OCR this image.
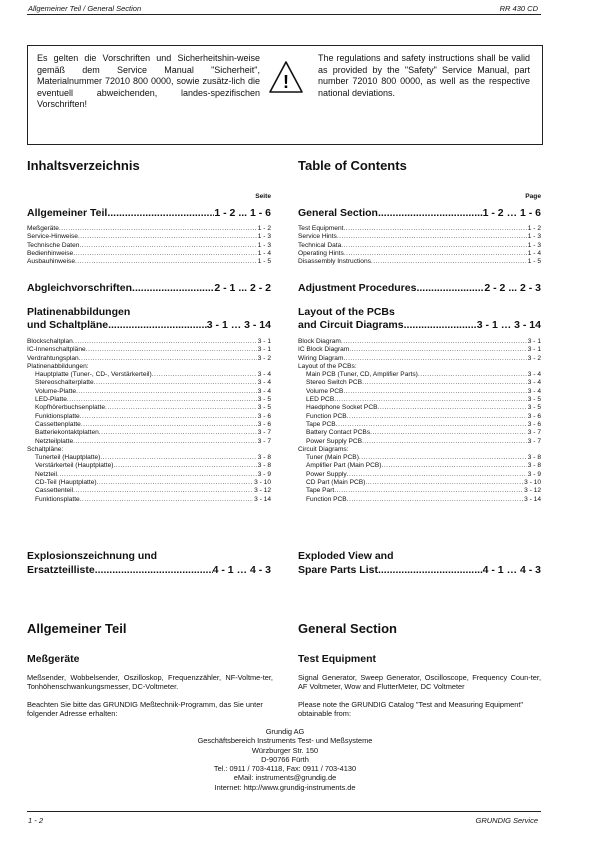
Allgemeiner Teil / General Section	RR 430 CD
Es gelten die Vorschriften und Sicherheitshin-weise gemäß dem Service Manual "Sicherheit", Materialnummer 72010 800 0000, sowie zusätz-lich die eventuell abweichenden, landes-spezifischen Vorschriften!
The regulations and safety instructions shall be valid as provided by the "Safety" Service Manual, part number 72010 800 0000, as well as the respective national deviations.
!
Inhaltsverzeichnis
Seite
Allgemeiner Teil .....	1 - 2 ... 1 - 6
Meßgeräte .....	1 - 2
Service-Hinweise .....	1 - 3
Technische Daten .....	1 - 3
Bedienhinweise .....	1 - 4
Ausbauhinweise .....	1 - 5
Abgleichvorschriften .....	2 - 1 ... 2 - 2
Platinenabbildungen
und Schaltpläne .....	3 - 1 … 3 - 14
Blockschaltplan .....	3 - 1
IC-Innenschaltpläne .....	3 - 1
Verdrahtungsplan .....	3 - 2
Platinenabbildungen:
Hauptplatte (Tuner-, CD-, Verstärkerteil) .....	3 - 4
Stereoschalterplatte .....	3 - 4
Volume-Platte .....	3 - 4
LED-Platte .....	3 - 5
Kopfhörerbuchsenplatte .....	3 - 5
Funktionsplatte .....	3 - 6
Cassettenplatte .....	3 - 6
Batteriekontaktplatten .....	3 - 7
Netzteilplatte .....	3 - 7
Schaltpläne:
Tunerteil (Hauptplatte) .....	3 - 8
Verstärkerteil (Hauptplatte) .....	3 - 8
Netzteil .....	3 - 9
CD-Teil (Hauptplatte) .....	3 - 10
Cassettenteil .....	3 - 12
Funktionsplatte .....	3 - 14
Explosionszeichnung und
Ersatzteilliste .....	4 - 1 … 4 - 3
Table of Contents
Page
General Section .....	1 - 2 … 1 - 6
Test Equipment .....	1 - 2
Service Hints .....	1 - 3
Technical Data .....	1 - 3
Operating Hints .....	1 - 4
Disassembly Instructions .....	1 - 5
Adjustment Procedures .....	2 - 2 ... 2 - 3
Layout of the PCBs
and Circuit Diagrams .....	3 - 1 … 3 - 14
Block Diagram .....	3 - 1
IC Block Diagram .....	3 - 1
Wiring Diagram .....	3 - 2
Layout of the PCBs:
Main PCB (Tuner, CD, Amplifier Parts) .....	3 - 4
Stereo Switch PCB .....	3 - 4
Volume PCB .....	3 - 4
LED PCB .....	3 - 5
Haedphone Socket PCB .....	3 - 5
Function PCB .....	3 - 6
Tape PCB .....	3 - 6
Battery Contact PCBs .....	3 - 7
Power Supply PCB .....	3 - 7
Circuit Diagrams:
Tuner (Main PCB) .....	3 - 8
Amplifier Part (Main PCB) .....	3 - 8
Power Supply .....	3 - 9
CD Part (Main PCB) .....	3 - 10
Tape Part .....	3 - 12
Function PCB .....	3 - 14
Exploded View and
Spare Parts List .....	4 - 1 … 4 - 3
Allgemeiner Teil
Meßgeräte
Meßsender, Wobbelsender, Oszilloskop, Frequenzzähler, NF-Voltme-ter, Tonhöhenschwankungsmesser, DC-Voltmeter.
Beachten Sie bitte das GRUNDIG Meßtechnik-Programm, das Sie unter folgender Adresse erhalten:
General Section
Test Equipment
Signal Generator, Sweep Generator, Oscilloscope, Frequency Coun-ter, AF Voltmeter, Wow and FlutterMeter, DC Voltmeter
Please note the GRUNDIG Catalog "Test and Measuring Equipment" obtainable from:
Grundig AG
Geschäftsbereich Instruments Test- und Meßsysteme
Würzburger Str. 150
D-90766 Fürth
Tel.: 0911 / 703-4118, Fax: 0911 / 703-4130
eMail: instruments@grundig.de
Internet: http://www.grundig-instruments.de
1 - 2	GRUNDIG Service
